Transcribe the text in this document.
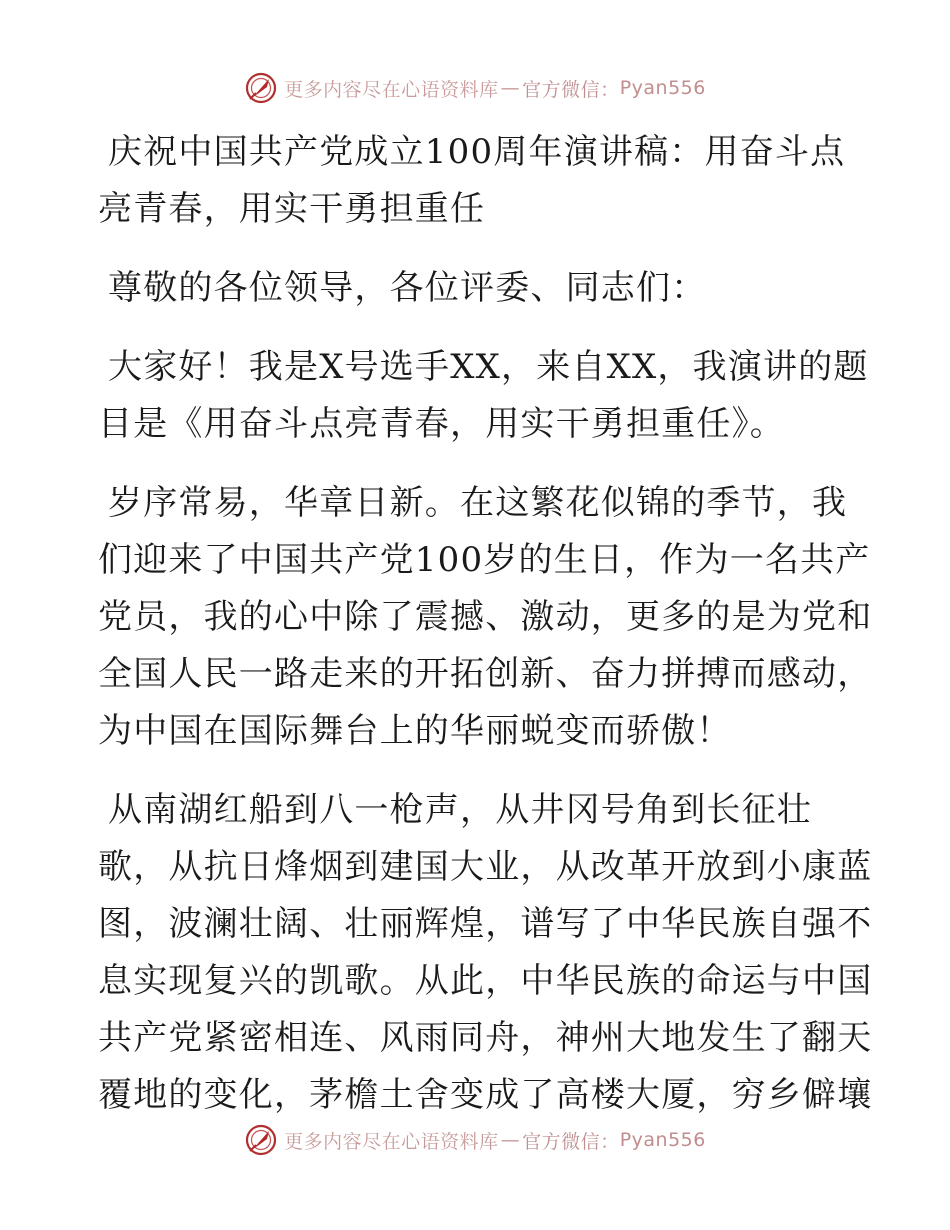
更多内容尽在心语资料库 — 官方微信： Pyan556
庆祝中国共产党成立100周年演讲稿：用奋斗点
亮青春，用实干勇担重任
尊敬的各位领导，各位评委、同志们：
大家好！我是X号选手XX，来自XX，我演讲的题
目是《用奋斗点亮青春，用实干勇担重任》。
岁序常易，华章日新。在这繁花似锦的季节，我
们迎来了中国共产党100岁的生日，作为一名共产
党员，我的心中除了震撼、激动，更多的是为党和
全国人民一路走来的开拓创新、奋力拼搏而感动，
为中国在国际舞台上的华丽蜕变而骄傲！
从南湖红船到八一枪声，从井冈号角到长征壮
歌，从抗日烽烟到建国大业，从改革开放到小康蓝
图，波澜壮阔、壮丽辉煌，谱写了中华民族自强不
息实现复兴的凯歌。从此，中华民族的命运与中国
共产党紧密相连、风雨同舟，神州大地发生了翻天
覆地的变化，茅檐土舍变成了高楼大厦，穷乡僻壤
更多内容尽在心语资料库 — 官方微信： Pyan556
